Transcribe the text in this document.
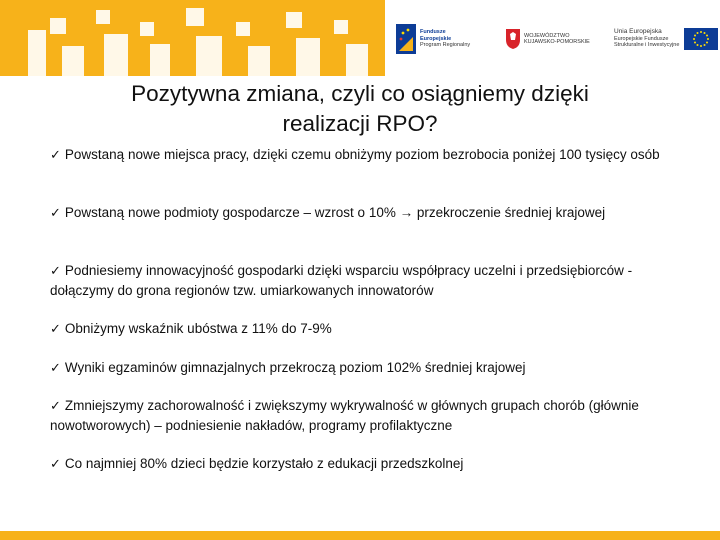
Fundusze
Europejskie
Program Regionalny
WOJEWÓDZTWO
KUJAWSKO-POMORSKIE
Unia Europejska
Europejskie Fundusze
Strukturalne i Inwestycyjne
Pozytywna zmiana, czyli co osiągniemy dzięki
realizacji RPO?
✓ Powstaną nowe miejsca pracy, dzięki czemu obniżymy poziom bezrobocia poniżej 100 tysięcy osób
✓ Powstaną nowe podmioty gospodarcze – wzrost o 10% → przekroczenie średniej krajowej
✓ Podniesiemy innowacyjność gospodarki dzięki wsparciu współpracy uczelni i przedsiębiorców - dołączymy do grona regionów tzw. umiarkowanych innowatorów
✓ Obniżymy wskaźnik ubóstwa z 11% do 7-9%
✓ Wyniki egzaminów gimnazjalnych przekroczą poziom 102% średniej krajowej
✓ Zmniejszymy zachorowalność i zwiększymy wykrywalność w głównych grupach chorób (głównie nowotworowych) – podniesienie nakładów, programy profilaktyczne
✓ Co najmniej 80% dzieci będzie korzystało z edukacji przedszkolnej
